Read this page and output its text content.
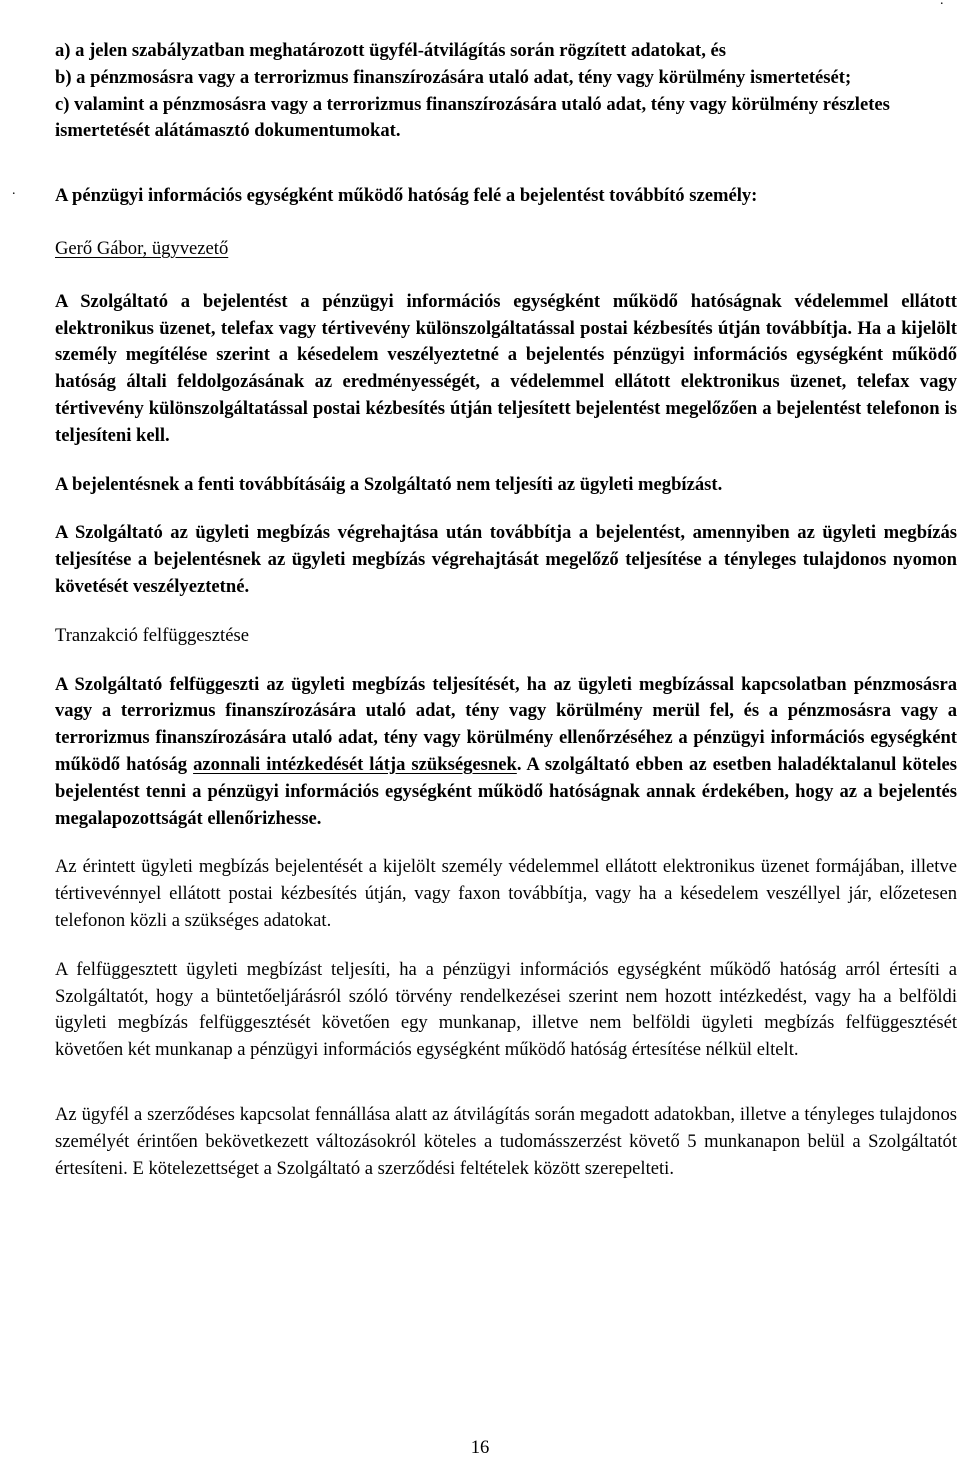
.
.

a) a jelen szabályzatban meghatározott ügyfél-átvilágítás során rögzített adatokat, és

b) a pénzmosásra vagy a terrorizmus finanszírozására utaló adat, tény vagy körülmény ismertetését;

c) valamint a pénzmosásra vagy a terrorizmus finanszírozására utaló adat, tény vagy körülmény részletes ismertetését alátámasztó dokumentumokat.

A pénzügyi információs egységként működő hatóság felé a bejelentést továbbító személy:

Gerő Gábor, ügyvezető

A Szolgáltató a bejelentést a pénzügyi információs egységként működő hatóságnak védelemmel ellátott elektronikus üzenet, telefax vagy tértivevény különszolgáltatással postai kézbesítés útján továbbítja. Ha a kijelölt személy megítélése szerint a késedelem veszélyeztetné a bejelentés pénzügyi információs egységként működő hatóság általi feldolgozásának az eredményességét, a védelemmel ellátott elektronikus üzenet, telefax vagy tértivevény különszolgáltatással postai kézbesítés útján teljesített bejelentést megelőzően a bejelentést telefonon is teljesíteni kell.

A bejelentésnek a fenti továbbításáig a Szolgáltató nem teljesíti az ügyleti megbízást.

A Szolgáltató az ügyleti megbízás végrehajtása után továbbítja a bejelentést, amennyiben az ügyleti megbízás teljesítése a bejelentésnek az ügyleti megbízás végrehajtását megelőző teljesítése a tényleges tulajdonos nyomon követését veszélyeztetné.

Tranzakció felfüggesztése

A Szolgáltató felfüggeszti az ügyleti megbízás teljesítését, ha az ügyleti megbízással kapcsolatban pénzmosásra vagy a terrorizmus finanszírozására utaló adat, tény vagy körülmény merül fel, és a pénzmosásra vagy a terrorizmus finanszírozására utaló adat, tény vagy körülmény ellenőrzéséhez a pénzügyi információs egységként működő hatóság azonnali intézkedését látja szükségesnek. A szolgáltató ebben az esetben haladéktalanul köteles bejelentést tenni a pénzügyi információs egységként működő hatóságnak annak érdekében, hogy az a bejelentés megalapozottságát ellenőrizhesse.

Az érintett ügyleti megbízás bejelentését a kijelölt személy védelemmel ellátott elektronikus üzenet formájában, illetve tértivevénnyel ellátott postai kézbesítés útján, vagy faxon továbbítja, vagy ha a késedelem veszéllyel jár, előzetesen telefonon közli a szükséges adatokat.

A felfüggesztett ügyleti megbízást teljesíti, ha a pénzügyi információs egységként működő hatóság arról értesíti a Szolgáltatót, hogy a büntetőeljárásról szóló törvény rendelkezései szerint nem hozott intézkedést, vagy ha a belföldi ügyleti megbízás felfüggesztését követően egy munkanap, illetve nem belföldi ügyleti megbízás felfüggesztését követően két munkanap a pénzügyi információs egységként működő hatóság értesítése nélkül eltelt.

Az ügyfél a szerződéses kapcsolat fennállása alatt az átvilágítás során megadott adatokban, illetve a tényleges tulajdonos személyét érintően bekövetkezett változásokról köteles a tudomásszerzést követő 5 munkanapon belül a Szolgáltatót értesíteni. E kötelezettséget a Szolgáltató a szerződési feltételek között szerepelteti.

16
